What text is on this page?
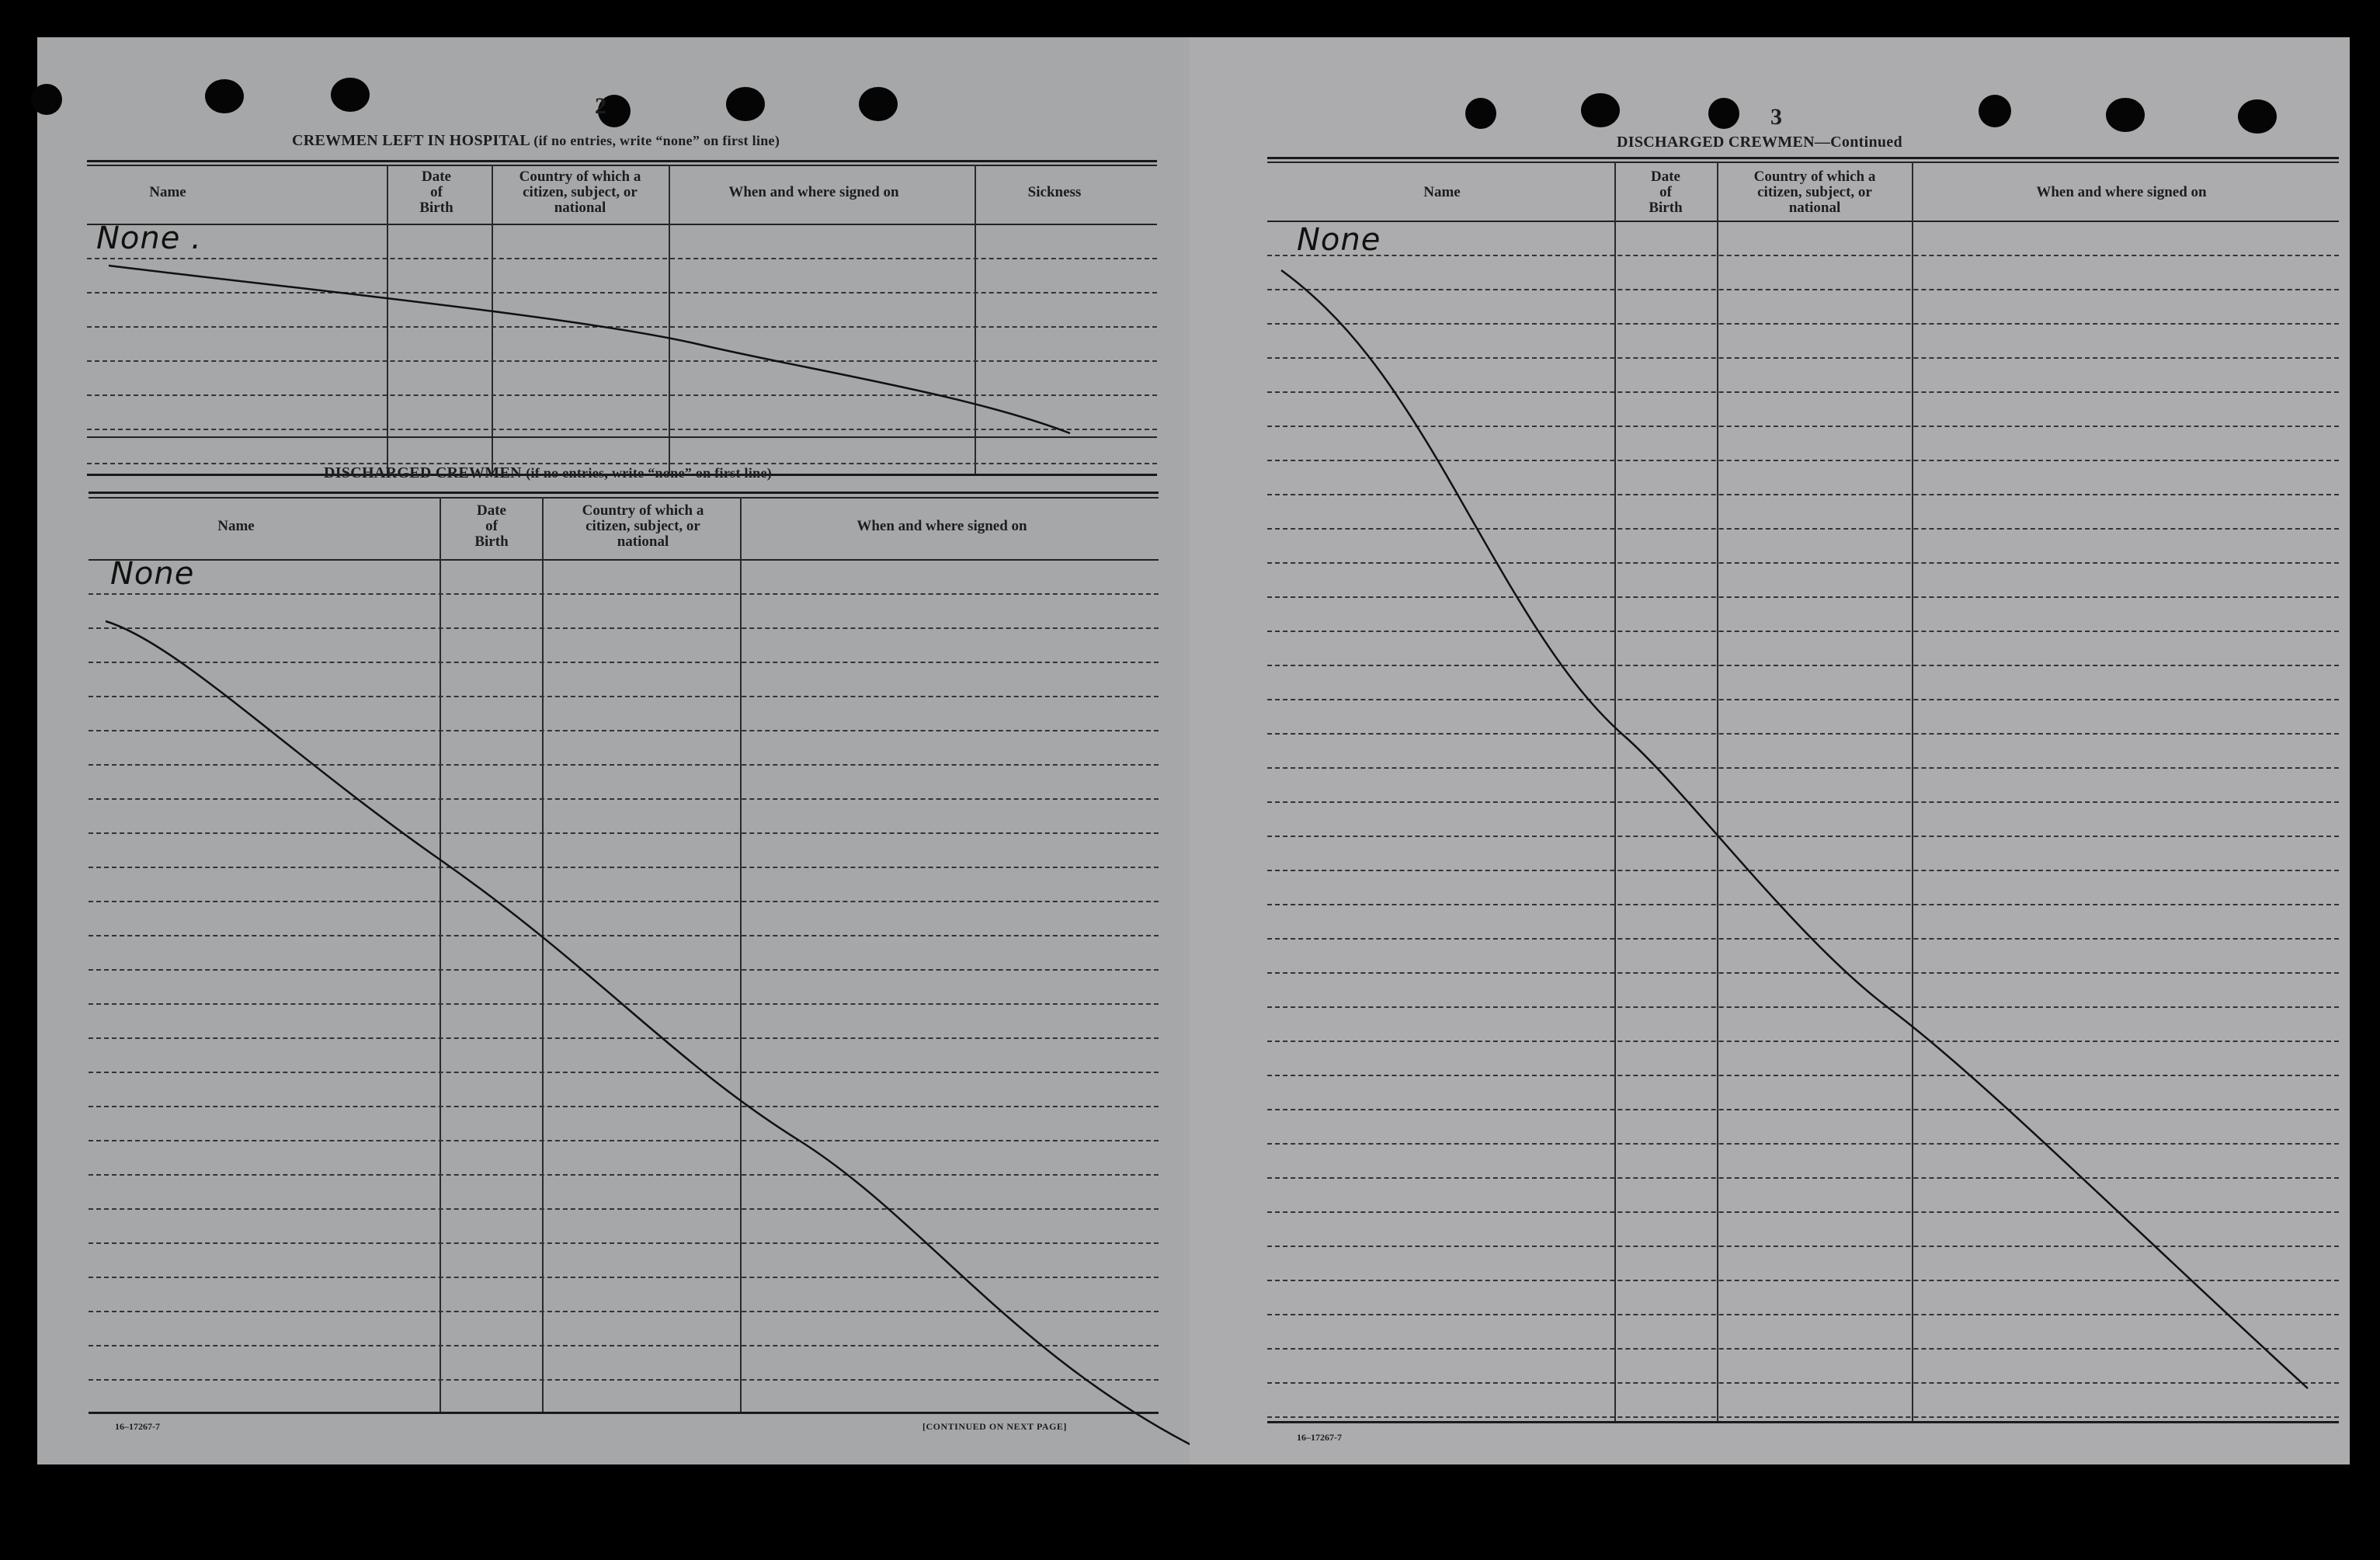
2
CREWMEN LEFT IN HOSPITAL (if no entries, write “none” on first line)
Name
Date
of
Birth
Country of which a
citizen, subject, or
national
When and where signed on	Sickness
None .
DISCHARGED CREWMEN (if no entries, write “none” on first line)
Name
Date
of
Birth
Country of which a
citizen, subject, or
national
When and where signed on
None
16–17267-7	[CONTINUED ON NEXT PAGE]
3
DISCHARGED CREWMEN—Continued
Name
Date
of
Birth
Country of which a
citizen, subject, or
national
When and where signed on
None
16–17267-7
